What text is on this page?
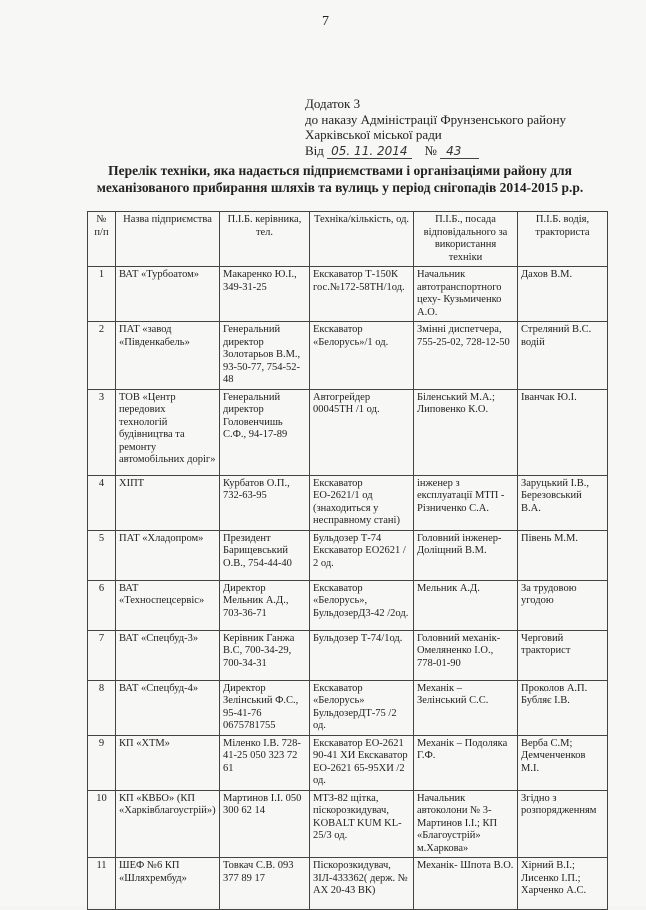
7
Додаток 3
до наказу Адміністрації Фрунзенського району
Харківської міської ради
Від 05. 11. 2014 № 43
Перелік техніки, яка надається підприємствами і організаціями району для
механізованого прибирання шляхів та вулиць у період снігопадів 2014-2015 р.р.
№ п/п	Назва підприємства	П.І.Б. керівника, тел.	Техніка/кількість, од.	П.І.Б., посада відповідального за використання техніки	П.І.Б. водія, тракториста
1	ВАТ «Турбоатом»	Макаренко Ю.І., 349-31-25	Екскаватор Т-150К гос.№172-58ТН/1од.	Начальник автотранспортного цеху- Кузьмиченко А.О.	Дахов В.М.
2	ПАТ «завод «Південкабель»	Генеральний директор Золотарьов В.М., 93-50-77, 754-52-48	Екскаватор «Белорусь»/1 од.	Змінні диспетчера, 755-25-02, 728-12-50	Стреляний В.С. водій
3	ТОВ «Центр передових технологій будівництва та ремонту автомобільних доріг»	Генеральний директор Головенчишь С.Ф., 94-17-89	Автогрейдер 00045ТН /1 од.	Біленський М.А.; Липовенко К.О.	Іванчак Ю.І.
4	ХІПТ	Курбатов О.П., 732-63-95	Екскаватор ЕО-2621/1 од (знаходиться у несправному стані)	інженер з експлуатації МТП - Різниченко С.А.	Заруцький І.В., Березовський В.А.
5	ПАТ «Хладопром»	Президент Барищевський О.В., 754-44-40	Бульдозер Т-74 Екскаватор ЕО2621 / 2 од.	Головний інженер- Доліщний В.М.	Півень М.М.
6	ВАТ «Техноспецсервіс»	Директор Мельник А.Д., 703-36-71	Екскаватор «Белорусь», БульдозерД3-42 /2од.	Мельник А.Д.	За трудовою угодою
7	ВАТ «Спецбуд-3»	Керівник Ганжа В.С, 700-34-29, 700-34-31	Бульдозер Т-74/1од.	Головний механік- Омеляненко І.О., 778-01-90	Черговий тракторист
8	ВАТ «Спецбуд-4»	Директор Зелінський Ф.С., 95-41-76 0675781755	Екскаватор «Белорусь» БульдозерДТ-75 /2 од.	Механік – Зелінський С.С.	Проколов А.П. Бубляє І.В.
9	КП «ХТМ»	Міленко І.В. 728-41-25 050 323 72 61	Екскаватор ЕО-2621 90-41 ХИ Екскаватор ЕО-2621 65-95ХИ /2 од.	Механік – Подоляка Г.Ф.	Верба С.М; Демченченков М.І.
10	КП «КВБО» (КП «Харківблагоустрій»)	Мартинов І.І. 050 300 62 14	МТЗ-82 щітка, піскорозкидувач, KOBALT KUM KL-25/3 од.	Начальник автоколони № 3- Мартинов І.І.; КП «Благоустрій» м.Харкова»	Згідно з розпорядженням
11	ШЕФ №6 КП «Шляхрембуд»	Товкач С.В. 093 377 89 17	Піскорозкидувач, ЗІЛ-433362( держ. № АХ 20-43 ВК)	Механік- Шпота В.О.	Хірний В.І.; Лисенко І.П.; Харченко А.С.
